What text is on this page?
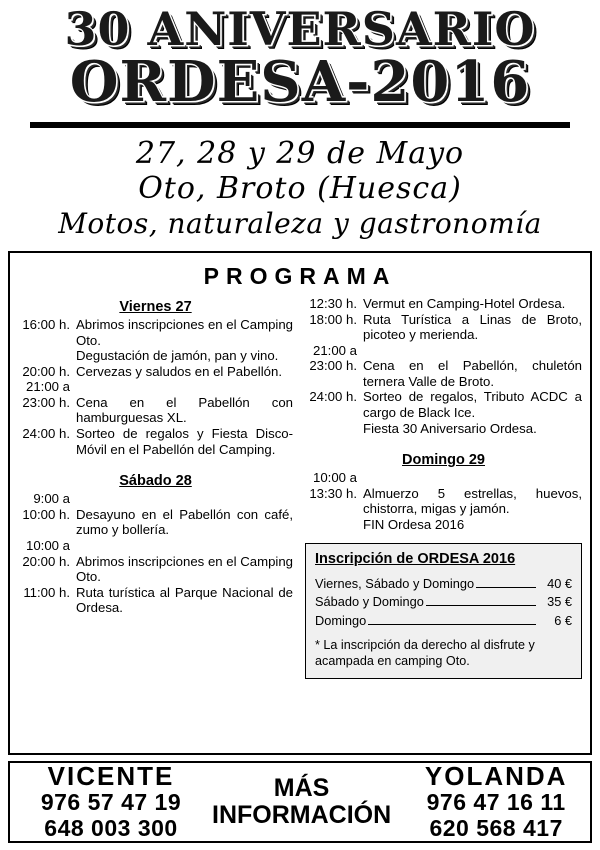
30 ANIVERSARIO
ORDESA-2016
27, 28 y 29 de Mayo
Oto, Broto (Huesca)
Motos, naturaleza y gastronomía
PROGRAMA
Viernes 27
16:00 h. Abrimos inscripciones en el Camping Oto.
Degustación de jamón, pan y vino.
20:00 h. Cervezas y saludos en el Pabellón.
21:00 a
23:00 h. Cena en el Pabellón con hamburguesas XL.
24:00 h. Sorteo de regalos y Fiesta Disco-Móvil en el Pabellón del Camping.
Sábado 28
9:00 a
10:00 h. Desayuno en el Pabellón con café, zumo y bollería.
10:00 a
20:00 h. Abrimos inscripciones en el Camping Oto.
11:00 h. Ruta turística al Parque Nacional de Ordesa.
12:30 h. Vermut en Camping-Hotel Ordesa.
18:00 h. Ruta Turística a Linas de Broto, picoteo y merienda.
21:00 a
23:00 h. Cena en el Pabellón, chuletón ternera Valle de Broto.
24:00 h. Sorteo de regalos, Tributo ACDC a cargo de Black Ice.
Fiesta 30 Aniversario Ordesa.
Domingo 29
10:00 a
13:30 h. Almuerzo 5 estrellas, huevos, chistorra, migas y jamón.
FIN Ordesa 2016
Inscripción de ORDESA 2016
Viernes, Sábado y Domingo	40 €
Sábado y Domingo	35 €
Domingo	6 €
* La inscripción da derecho al disfrute y acampada en camping Oto.
VICENTE
976 57 47 19
648 003 300
MÁS
INFORMACIÓN
YOLANDA
976 47 16 11
620 568 417
